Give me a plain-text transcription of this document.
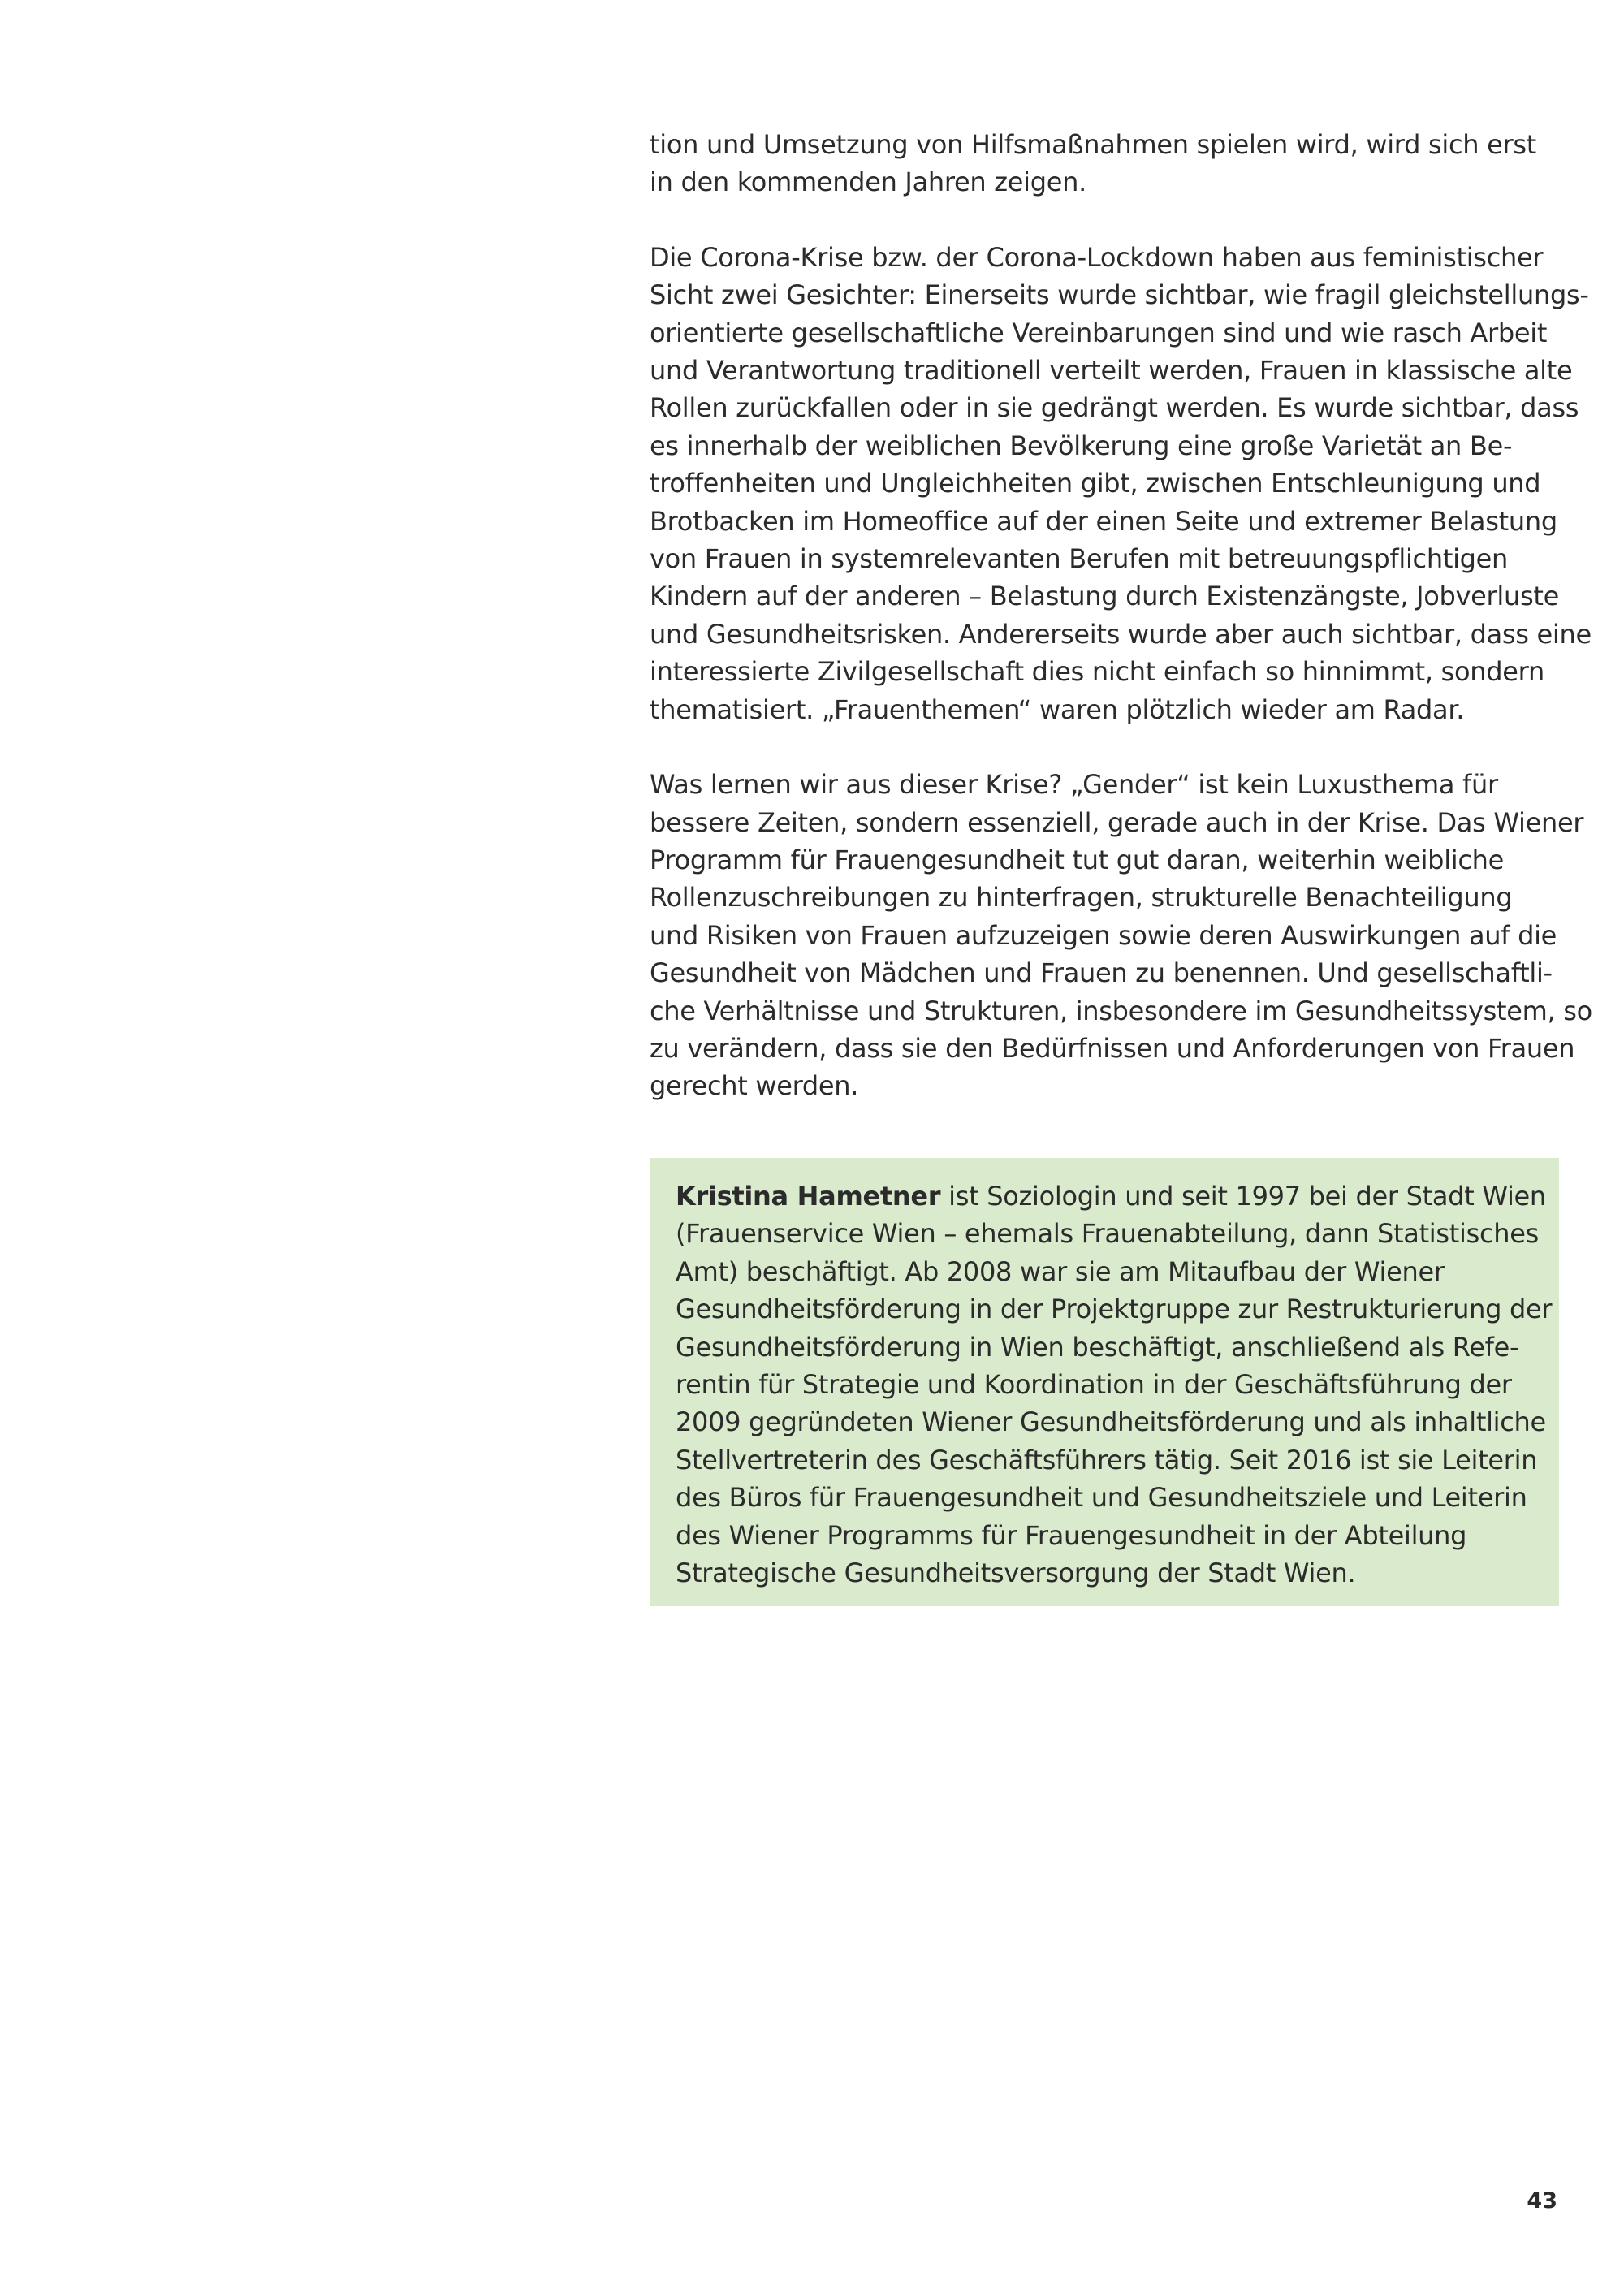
tion und Umsetzung von Hilfsmaßnahmen spielen wird, wird sich erst
in den kommenden Jahren zeigen.
Die Corona-Krise bzw. der Corona-Lockdown haben aus feministischer
Sicht zwei Gesichter: Einerseits wurde sichtbar, wie fragil gleichstellungs-
orientierte gesellschaftliche Vereinbarungen sind und wie rasch Arbeit
und Verantwortung traditionell verteilt werden, Frauen in klassische alte
Rollen zurückfallen oder in sie gedrängt werden. Es wurde sichtbar, dass
es innerhalb der weiblichen Bevölkerung eine große Varietät an Be-
troffenheiten und Ungleichheiten gibt, zwischen Entschleunigung und
Brotbacken im Homeoffice auf der einen Seite und extremer Belastung
von Frauen in systemrelevanten Berufen mit betreuungspflichtigen
Kindern auf der anderen – Belastung durch Existenzängste, Jobverluste
und Gesundheitsrisken. Andererseits wurde aber auch sichtbar, dass eine
interessierte Zivilgesellschaft dies nicht einfach so hinnimmt, sondern
thematisiert. „Frauenthemen“ waren plötzlich wieder am Radar.
Was lernen wir aus dieser Krise? „Gender“ ist kein Luxusthema für
bessere Zeiten, sondern essenziell, gerade auch in der Krise. Das Wiener
Programm für Frauengesundheit tut gut daran, weiterhin weibliche
Rollenzuschreibungen zu hinterfragen, strukturelle Benachteiligung
und Risiken von Frauen aufzuzeigen sowie deren Auswirkungen auf die
Gesundheit von Mädchen und Frauen zu benennen. Und gesellschaftli-
che Verhältnisse und Strukturen, insbesondere im Gesundheitssystem, so
zu verändern, dass sie den Bedürfnissen und Anforderungen von Frauen
gerecht werden.
Kristina Hametner ist Soziologin und seit 1997 bei der Stadt Wien
(Frauenservice Wien – ehemals Frauenabteilung, dann Statistisches
Amt) beschäftigt. Ab 2008 war sie am Mitaufbau der Wiener
Gesundheitsförderung in der Projektgruppe zur Restrukturierung der
Gesundheitsförderung in Wien beschäftigt, anschließend als Refe-
rentin für Strategie und Koordination in der Geschäftsführung der
2009 gegründeten Wiener Gesundheitsförderung und als inhaltliche
Stellvertreterin des Geschäftsführers tätig. Seit 2016 ist sie Leiterin
des Büros für Frauengesundheit und Gesundheitsziele und Leiterin
des Wiener Programms für Frauengesundheit in der Abteilung
Strategische Gesundheitsversorgung der Stadt Wien.
43
